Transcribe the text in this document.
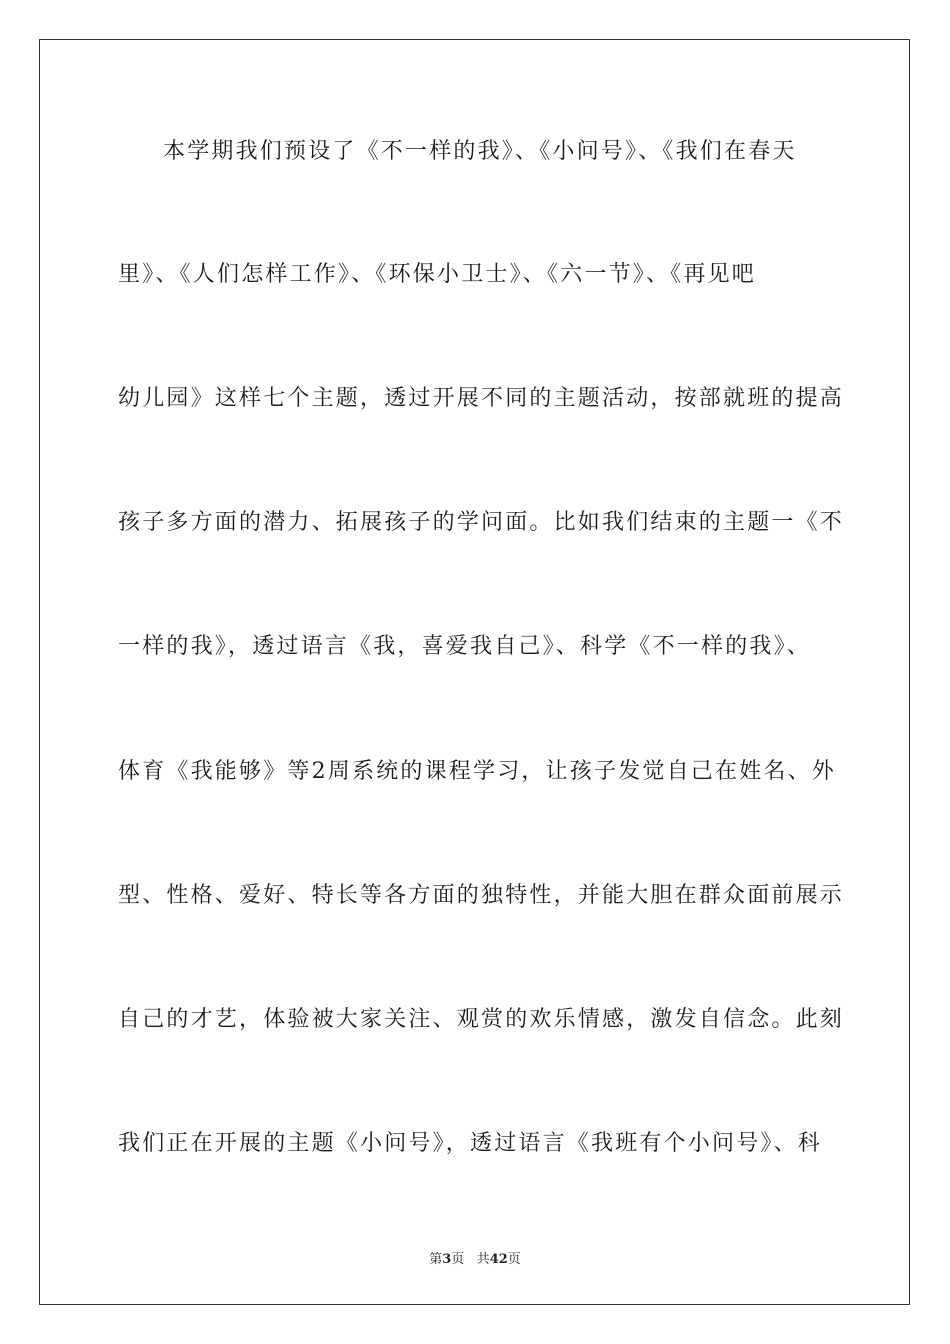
本学期我们预设了《不一样的我》、《小问号》、《我们在春天
里》、《人们怎样工作》、《环保小卫士》、《六一节》、《再见吧
幼儿园》这样七个主题，透过开展不同的主题活动，按部就班的提高
孩子多方面的潜力、拓展孩子的学问面。比如我们结束的主题一《不
一样的我》，透过语言《我，喜爱我自己》、科学《不一样的我》、
体育《我能够》等2周系统的课程学习，让孩子发觉自己在姓名、外
型、性格、爱好、特长等各方面的独特性，并能大胆在群众面前展示
自己的才艺，体验被大家关注、观赏的欢乐情感，激发自信念。此刻
我们正在开展的主题《小问号》，透过语言《我班有个小问号》、科
第3页 共42页
